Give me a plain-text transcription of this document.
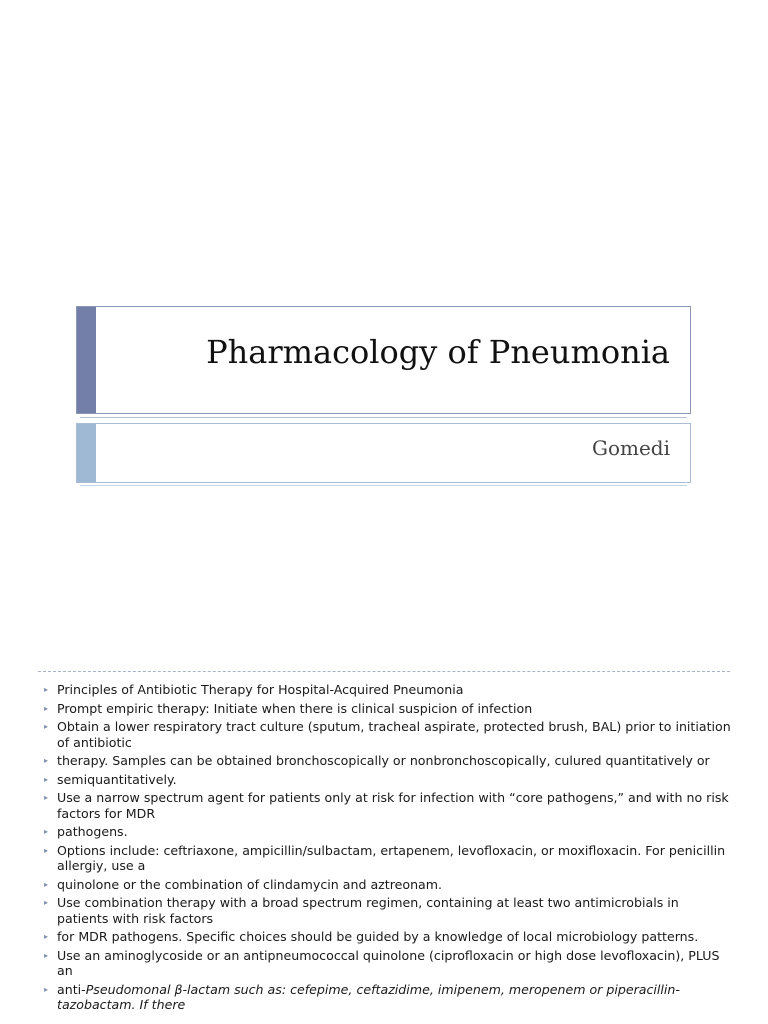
Pharmacology of Pneumonia
Gomedi
▸ Principles of Antibiotic Therapy for Hospital-Acquired Pneumonia
▸ Prompt empiric therapy: Initiate when there is clinical suspicion of infection
▸ Obtain a lower respiratory tract culture (sputum, tracheal aspirate, protected brush, BAL) prior to initiation of antibiotic
▸ therapy. Samples can be obtained bronchoscopically or nonbronchoscopically, culured quantitatively or
▸ semiquantitatively.
▸ Use a narrow spectrum agent for patients only at risk for infection with “core pathogens,” and with no risk factors for MDR
▸ pathogens.
▸ Options include: ceftriaxone, ampicillin/sulbactam, ertapenem, levofloxacin, or moxifloxacin. For penicillin allergiy, use a
▸ quinolone or the combination of clindamycin and aztreonam.
▸ Use combination therapy with a broad spectrum regimen, containing at least two antimicrobials in patients with risk factors
▸ for MDR pathogens. Specific choices should be guided by a knowledge of local microbiology patterns.
▸ Use an aminoglycoside or an antipneumococcal quinolone (ciprofloxacin or high dose levofloxacin), PLUS an
▸ anti-Pseudomonal β-lactam such as: cefepime, ceftazidime, imipenem, meropenem or piperacillin-tazobactam. If there
